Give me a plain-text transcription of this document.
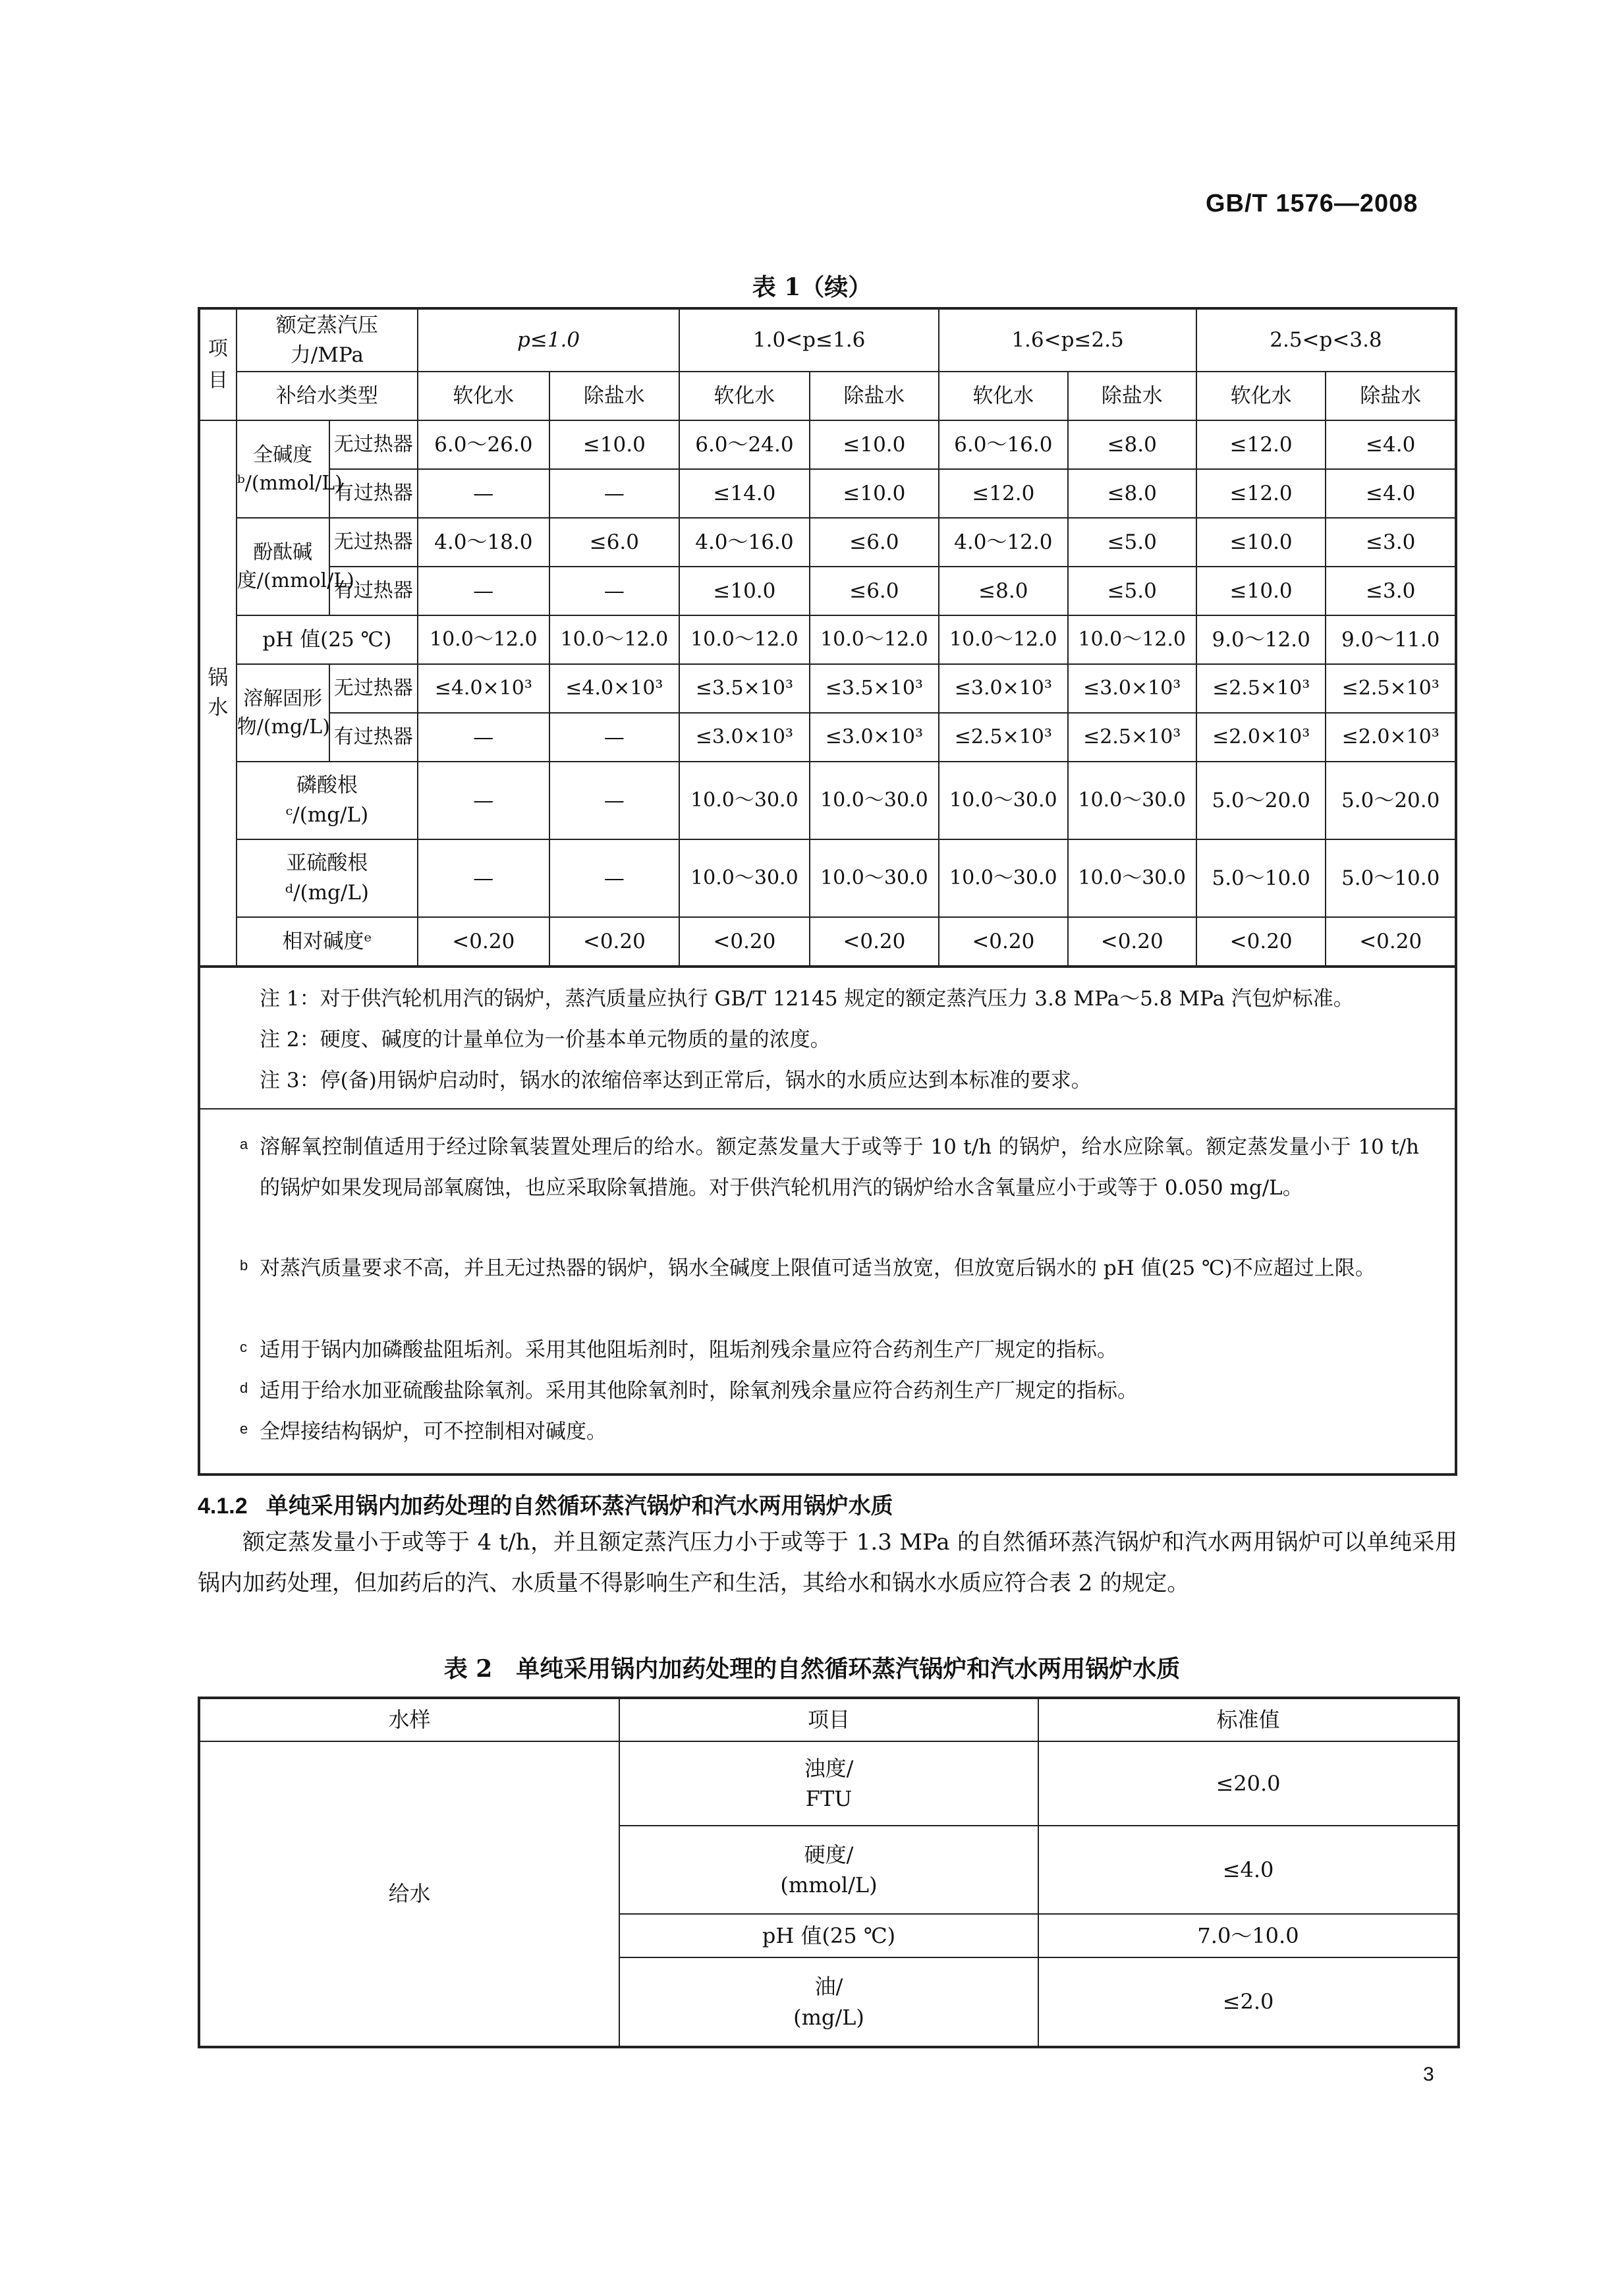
GB/T 1576—2008
表 1（续）
项目	额定蒸汽压力/MPa		p≤1.0		1.0<p≤1.6		1.6<p≤2.5		2.5<p<3.8	
	补给水类型		软化水	除盐水	软化水	除盐水	软化水	除盐水	软化水	除盐水
锅水	全碱度ᵇ/(mmol/L)	无过热器	6.0～26.0	≤10.0	6.0～24.0	≤10.0	6.0～16.0	≤8.0	≤12.0	≤4.0
		有过热器	—	—	≤14.0	≤10.0	≤12.0	≤8.0	≤12.0	≤4.0
	酚酞碱度/(mmol/L)	无过热器	4.0～18.0	≤6.0	4.0～16.0	≤6.0	4.0～12.0	≤5.0	≤10.0	≤3.0
		有过热器	—	—	≤10.0	≤6.0	≤8.0	≤5.0	≤10.0	≤3.0
	pH 值(25 ℃)		10.0～12.0	10.0～12.0	10.0～12.0	10.0～12.0	10.0～12.0	10.0～12.0	9.0～12.0	9.0～11.0
	溶解固形物/(mg/L)	无过热器	≤4.0×10³	≤4.0×10³	≤3.5×10³	≤3.5×10³	≤3.0×10³	≤3.0×10³	≤2.5×10³	≤2.5×10³
		有过热器	—	—	≤3.0×10³	≤3.0×10³	≤2.5×10³	≤2.5×10³	≤2.0×10³	≤2.0×10³
	磷酸根ᶜ/(mg/L)		—	—	10.0～30.0	10.0～30.0	10.0～30.0	10.0～30.0	5.0～20.0	5.0～20.0
	亚硫酸根ᵈ/(mg/L)		—	—	10.0～30.0	10.0～30.0	10.0～30.0	10.0～30.0	5.0～10.0	5.0～10.0
	相对碱度ᵉ		<0.20	<0.20	<0.20	<0.20	<0.20	<0.20	<0.20	<0.20

注 1：对于供汽轮机用汽的锅炉，蒸汽质量应执行 GB/T 12145 规定的额定蒸汽压力 3.8 MPa～5.8 MPa 汽包炉标准。

注 2：硬度、碱度的计量单位为一价基本单元物质的量的浓度。

注 3：停(备)用锅炉启动时，锅水的浓缩倍率达到正常后，锅水的水质应达到本标准的要求。

$^a$ 溶解氧控制值适用于经过除氧装置处理后的给水。额定蒸发量大于或等于 10 t/h 的锅炉，给水应除氧。额定蒸发量小于 10 t/h 的锅炉如果发现局部氧腐蚀，也应采取除氧措施。对于供汽轮机用汽的锅炉给水含氧量应小于或等于 0.050 mg/L。
$^b$ 对蒸汽质量要求不高，并且无过热器的锅炉，锅水全碱度上限值可适当放宽，但放宽后锅水的 pH 值(25 ℃)不应超过上限。
$^c$ 适用于锅内加磷酸盐阻垢剂。采用其他阻垢剂时，阻垢剂残余量应符合药剂生产厂规定的指标。
$^d$ 适用于给水加亚硫酸盐除氧剂。采用其他除氧剂时，除氧剂残余量应符合药剂生产厂规定的指标。
$^e$ 全焊接结构锅炉，可不控制相对碱度。
4.1.2 单纯采用锅内加药处理的自然循环蒸汽锅炉和汽水两用锅炉水质
额定蒸发量小于或等于 4 t/h，并且额定蒸汽压力小于或等于 1.3 MPa 的自然循环蒸汽锅炉和汽水两用锅炉可以单纯采用锅内加药处理，但加药后的汽、水质量不得影响生产和生活，其给水和锅水水质应符合表 2 的规定。
表 2　单纯采用锅内加药处理的自然循环蒸汽锅炉和汽水两用锅炉水质
水样	项目	标准值
给水	浊度/
FTU	≤20.0

	硬度/
(mmol/L)	≤4.0
	pH 值(25 ℃)	7.0～10.0

	油/
(mg/L)	≤2.0
3
